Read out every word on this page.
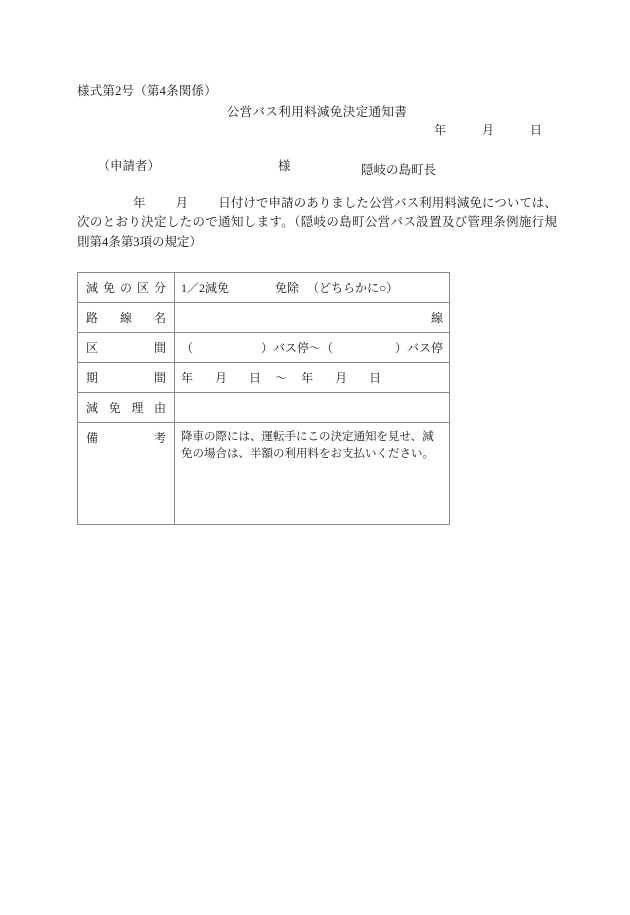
様式第2号（第4条関係）
公営バス利用料減免決定通知書
年　　　月　　　日

（申請者）	様
	隠岐の島町長
年 月 日付けで申請のありました公営バス利用料減免については、次のとおり決定したので通知します。（隠岐の島町公営バス設置及び管理条例施行規則第4条第3項の規定）
減 免 の 区 分	1／2減免 免除 （どちらかに○）

路 線 名	線

区 間	（ ）バス停〜（ ）バス停

期 間	年 月 日 〜 年 月 日

減 免 理 由	

備 考	降車の際には、運転手にこの決定通知を見せ、減免の場合は、半額の利用料をお支払いください。
